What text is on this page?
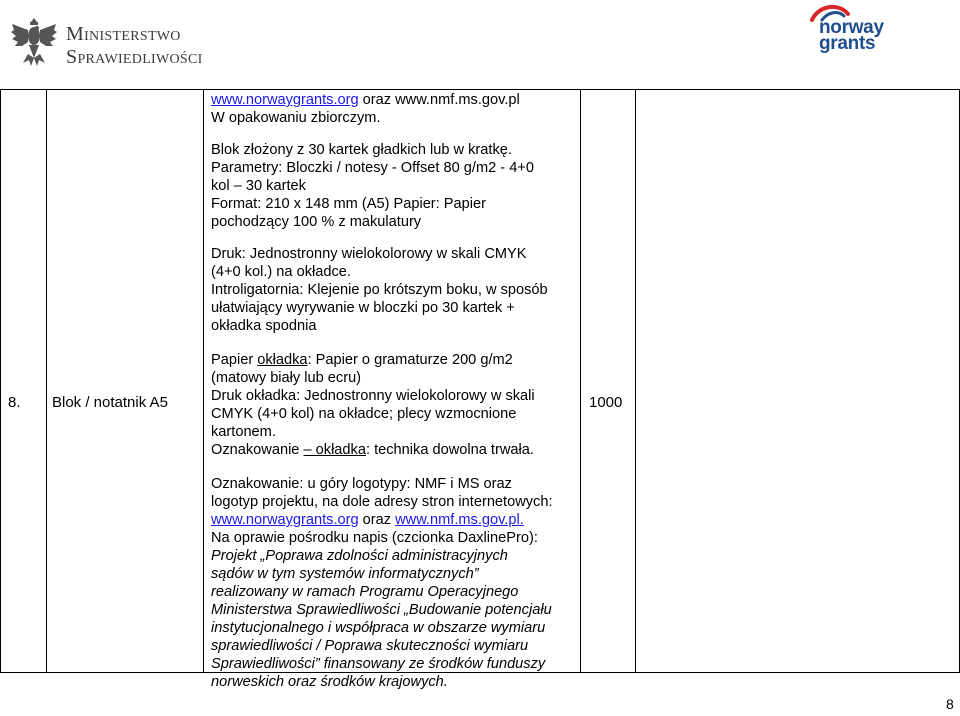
MINISTERSTWO
SPRAWIEDLIWOŚCI
norway
grants
8. Blok / notatnik A5	1000

www.norwaygrants.org oraz www.nmf.ms.gov.pl

W opakowaniu zbiorczym.

Blok złożony z 30 kartek gładkich lub w kratkę.

Parametry: Bloczki / notesy - Offset 80 g/m2 - 4+0

kol – 30 kartek

Format: 210 x 148 mm (A5) Papier: Papier

pochodzący 100 % z makulatury

Druk: Jednostronny wielokolorowy w skali CMYK

(4+0 kol.) na okładce.

Introligatornia: Klejenie po krótszym boku, w sposób

ułatwiający wyrywanie w bloczki po 30 kartek +

okładka spodnia

Papier okładka: Papier o gramaturze 200 g/m2

(matowy biały lub ecru)

Druk okładka: Jednostronny wielokolorowy w skali

CMYK (4+0 kol) na okładce; plecy wzmocnione

kartonem.

Oznakowanie – okładka: technika dowolna trwała.

Oznakowanie: u góry logotypy: NMF i MS oraz

logotyp projektu, na dole adresy stron internetowych:

www.norwaygrants.org oraz www.nmf.ms.gov.pl.

Na oprawie pośrodku napis (czcionka DaxlinePro):

Projekt „Poprawa zdolności administracyjnych

sądów w tym systemów informatycznych”

realizowany w ramach Programu Operacyjnego

Ministerstwa Sprawiedliwości „Budowanie potencjału

instytucjonalnego i współpraca w obszarze wymiaru

sprawiedliwości / Poprawa skuteczności wymiaru

Sprawiedliwości” finansowany ze środków funduszy

norweskich oraz środków krajowych.

8
